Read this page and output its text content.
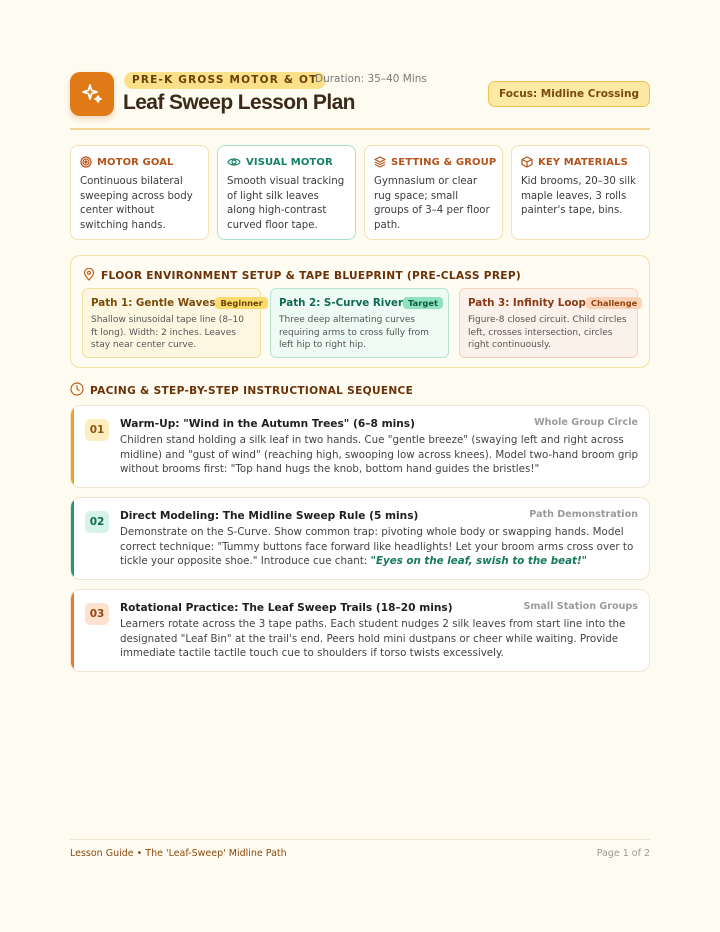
PRE-K GROSS MOTOR & OT
Duration: 35–40 Mins
Leaf Sweep Lesson Plan	Focus: Midline Crossing
MOTOR GOAL
Continuous bilateral sweeping across body center without switching hands.
VISUAL MOTOR
Smooth visual tracking of light silk leaves along high-contrast curved floor tape.
SETTING & GROUP
Gymnasium or clear rug space; small groups of 3–4 per floor path.
KEY MATERIALS
Kid brooms, 20–30 silk maple leaves, 3 rolls painter's tape, bins.
FLOOR ENVIRONMENT SETUP & TAPE BLUEPRINT (PRE-CLASS PREP)
Path 1: Gentle Waves Beginner
Shallow sinusoidal tape line (8–10 ft long). Width: 2 inches. Leaves stay near center curve.
Path 2: S-Curve River Target
Three deep alternating curves requiring arms to cross fully from left hip to right hip.
Path 3: Infinity Loop Challenge
Figure-8 closed circuit. Child circles left, crosses intersection, circles right continuously.
PACING & STEP-BY-STEP INSTRUCTIONAL SEQUENCE
01	Warm-Up: "Wind in the Autumn Trees" (6–8 mins)	Whole Group Circle
Children stand holding a silk leaf in two hands. Cue "gentle breeze" (swaying left and right across midline) and "gust of wind" (reaching high, swooping low across knees). Model two-hand broom grip without brooms first: "Top hand hugs the knob, bottom hand guides the bristles!"
02	Direct Modeling: The Midline Sweep Rule (5 mins)	Path Demonstration
Demonstrate on the S-Curve. Show common trap: pivoting whole body or swapping hands. Model correct technique: "Tummy buttons face forward like headlights! Let your broom arms cross over to tickle your opposite shoe." Introduce cue chant: "Eyes on the leaf, swish to the beat!"
03	Rotational Practice: The Leaf Sweep Trails (18–20 mins)	Small Station Groups
Learners rotate across the 3 tape paths. Each student nudges 2 silk leaves from start line into the designated "Leaf Bin" at the trail's end. Peers hold mini dustpans or cheer while waiting. Provide immediate tactile tactile touch cue to shoulders if torso twists excessively.
Lesson Guide • The 'Leaf-Sweep' Midline Path	Page 1 of 2
